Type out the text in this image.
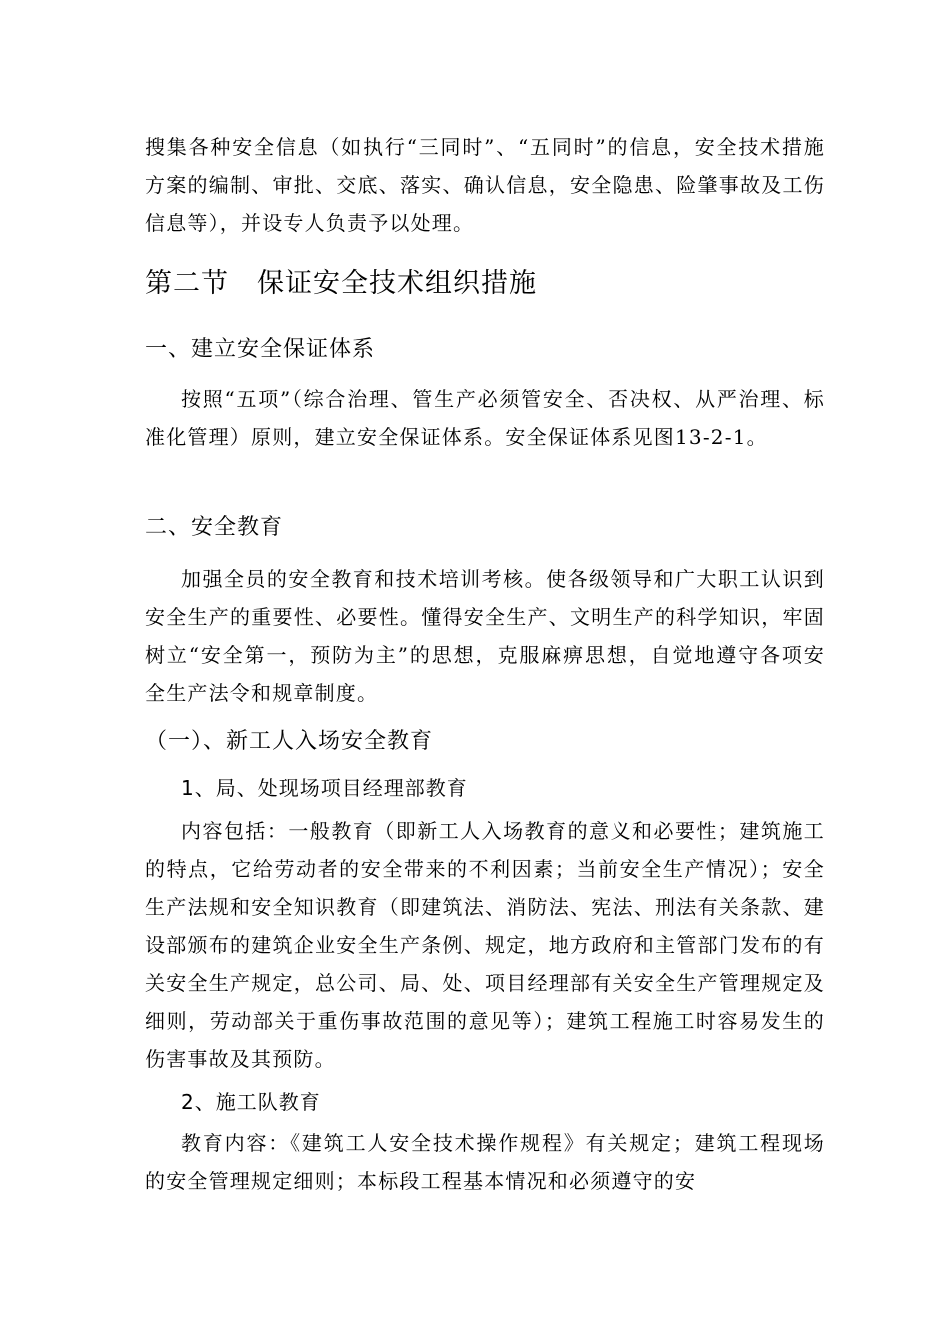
搜集各种安全信息（如执行“三同时”、“五同时”的信息，安全技术措施方案的编制、审批、交底、落实、确认信息，安全隐患、险肇事故及工伤信息等），并设专人负责予以处理。
第二节　保证安全技术组织措施
一、建立安全保证体系
按照“五项”（综合治理、管生产必须管安全、否决权、从严治理、标准化管理）原则，建立安全保证体系。安全保证体系见图13-2-1。
二、安全教育
加强全员的安全教育和技术培训考核。使各级领导和广大职工认识到安全生产的重要性、必要性。懂得安全生产、文明生产的科学知识，牢固树立“安全第一，预防为主”的思想，克服麻痹思想，自觉地遵守各项安全生产法令和规章制度。
（一）、新工人入场安全教育
1、局、处现场项目经理部教育
内容包括：一般教育（即新工人入场教育的意义和必要性；建筑施工的特点，它给劳动者的安全带来的不利因素；当前安全生产情况）；安全生产法规和安全知识教育（即建筑法、消防法、宪法、刑法有关条款、建设部颁布的建筑企业安全生产条例、规定，地方政府和主管部门发布的有关安全生产规定，总公司、局、处、项目经理部有关安全生产管理规定及细则，劳动部关于重伤事故范围的意见等）；建筑工程施工时容易发生的伤害事故及其预防。
2、施工队教育
教育内容：《建筑工人安全技术操作规程》有关规定；建筑工程现场的安全管理规定细则；本标段工程基本情况和必须遵守的安
